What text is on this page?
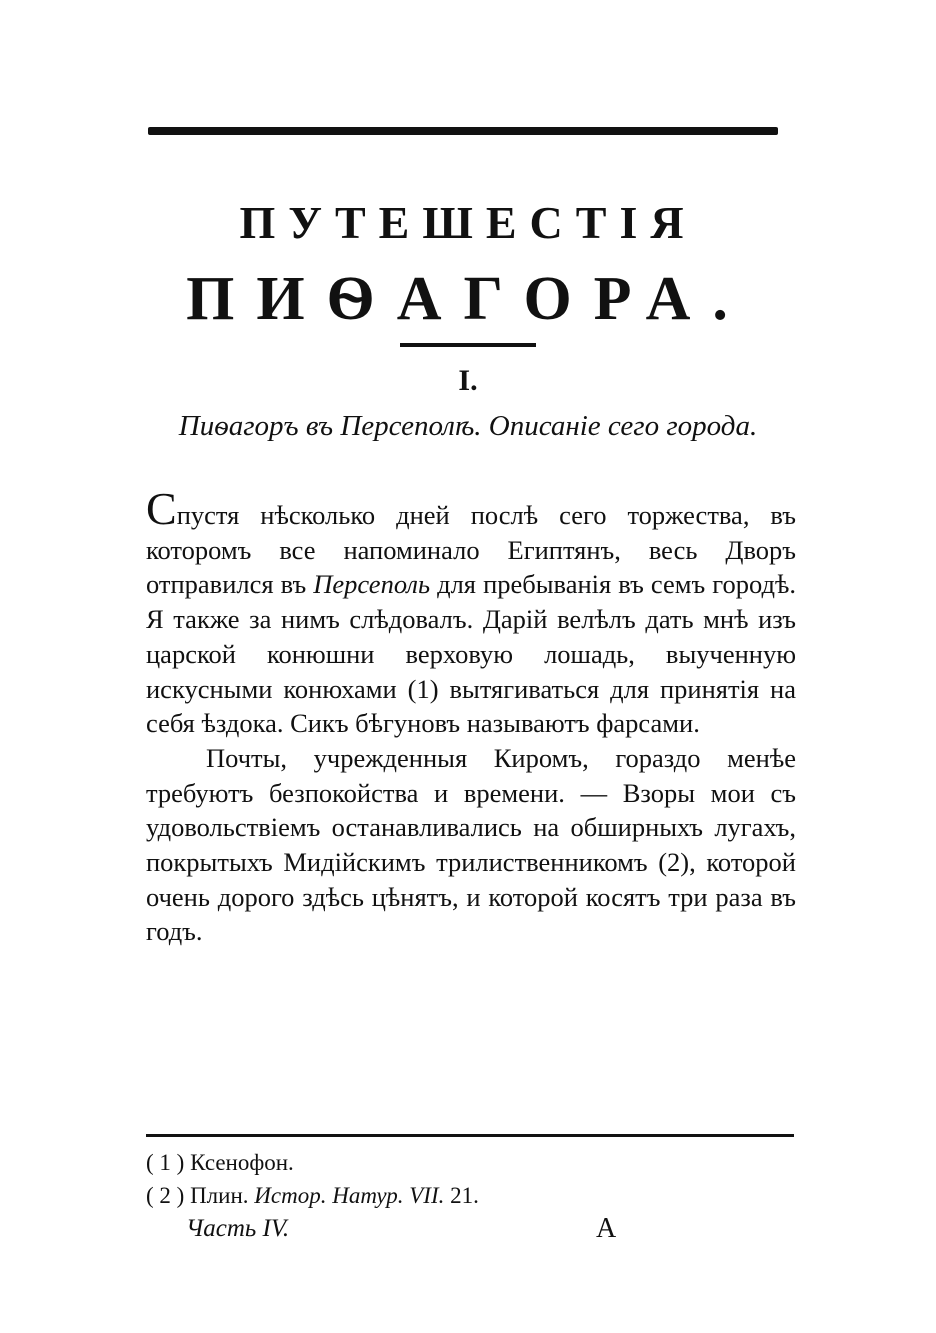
ПУТЕШЕСТІЯ
ПИѲАГОРА.
I.
Пиѳагоръ въ Персеполѣ. Описаніе сего города.

Спустя нѣсколько дней послѣ сего торжества, въ которомъ все напоминало Египтянъ, весь Дворъ отправился въ Персеполь для пребыванія въ семъ городѣ. Я также за нимъ слѣдовалъ. Дарій велѣлъ дать мнѣ изъ царской конюшни верховую лошадь, выученную искусными конюхами (1) вытягиваться для принятія на себя ѣздока. Сикъ бѣгуновъ называютъ фарсами.

Почты, учрежденныя Киромъ, гораздо менѣе требуютъ безпокойства и времени. — Взоры мои съ удовольствіемъ останавливались на обширныхъ лугахъ, покрытыхъ Мидійскимъ трилиственникомъ (2), которой очень дорого здѣсь цѣнятъ, и которой косятъ три раза въ годъ.

( 1 ) Ксенофон.
( 2 ) Плин. Истор. Натур. VII. 21.
Часть IV.	A
